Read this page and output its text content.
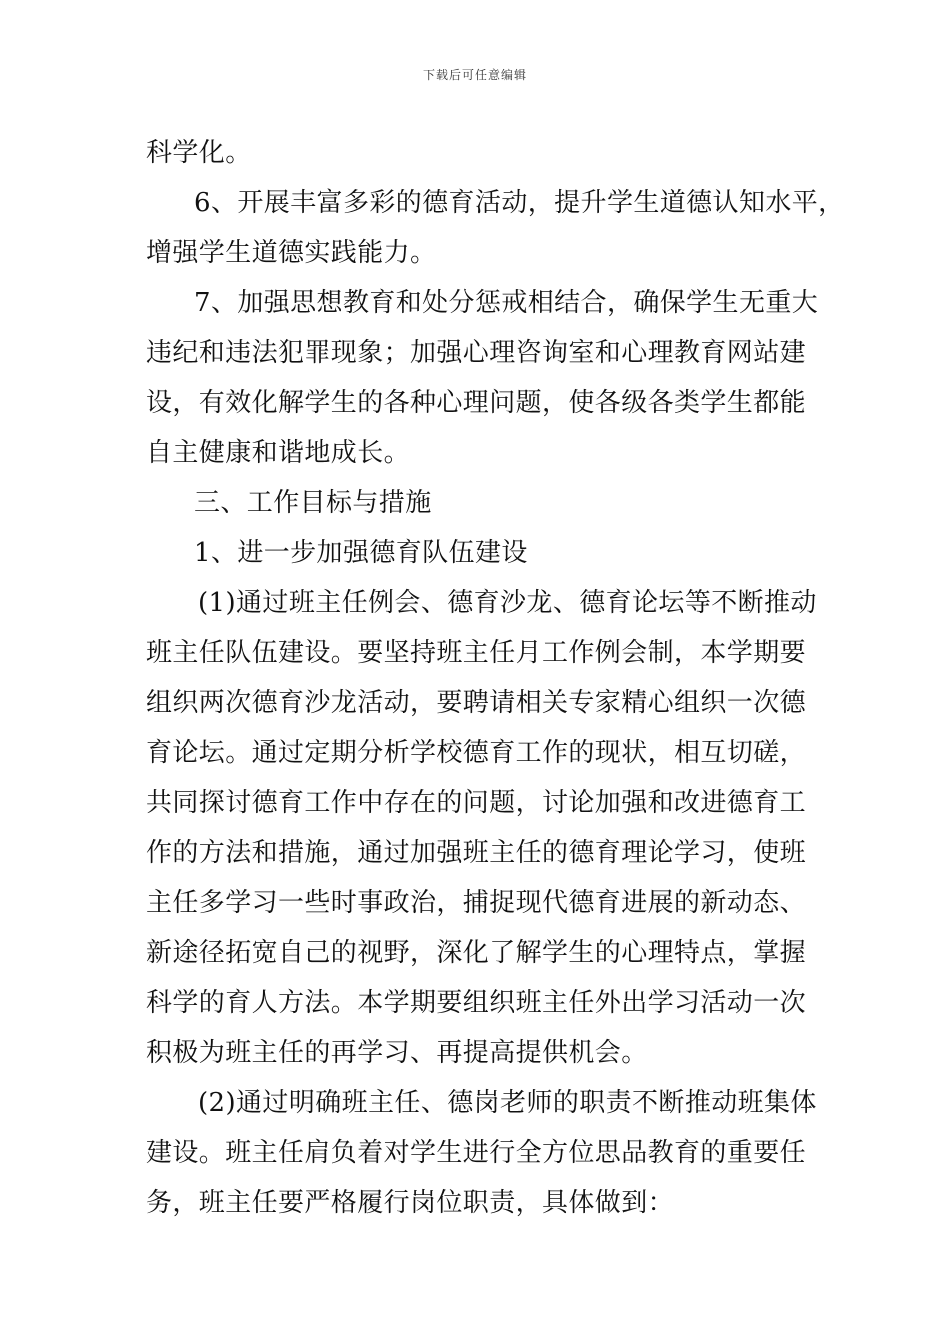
下载后可任意编辑
科学化。
6、开展丰富多彩的德育活动，提升学生道德认知水平，
增强学生道德实践能力。
7、加强思想教育和处分惩戒相结合，确保学生无重大
违纪和违法犯罪现象；加强心理咨询室和心理教育网站建
设，有效化解学生的各种心理问题，使各级各类学生都能
自主健康和谐地成长。
三、工作目标与措施
1、进一步加强德育队伍建设
(1)通过班主任例会、德育沙龙、德育论坛等不断推动
班主任队伍建设。要坚持班主任月工作例会制，本学期要
组织两次德育沙龙活动，要聘请相关专家精心组织一次德
育论坛。通过定期分析学校德育工作的现状，相互切磋，
共同探讨德育工作中存在的问题，讨论加强和改进德育工
作的方法和措施，通过加强班主任的德育理论学习，使班
主任多学习一些时事政治，捕捉现代德育进展的新动态、
新途径拓宽自己的视野，深化了解学生的心理特点，掌握
科学的育人方法。本学期要组织班主任外出学习活动一次
积极为班主任的再学习、再提高提供机会。
(2)通过明确班主任、德岗老师的职责不断推动班集体
建设。班主任肩负着对学生进行全方位思品教育的重要任
务，班主任要严格履行岗位职责，具体做到：
